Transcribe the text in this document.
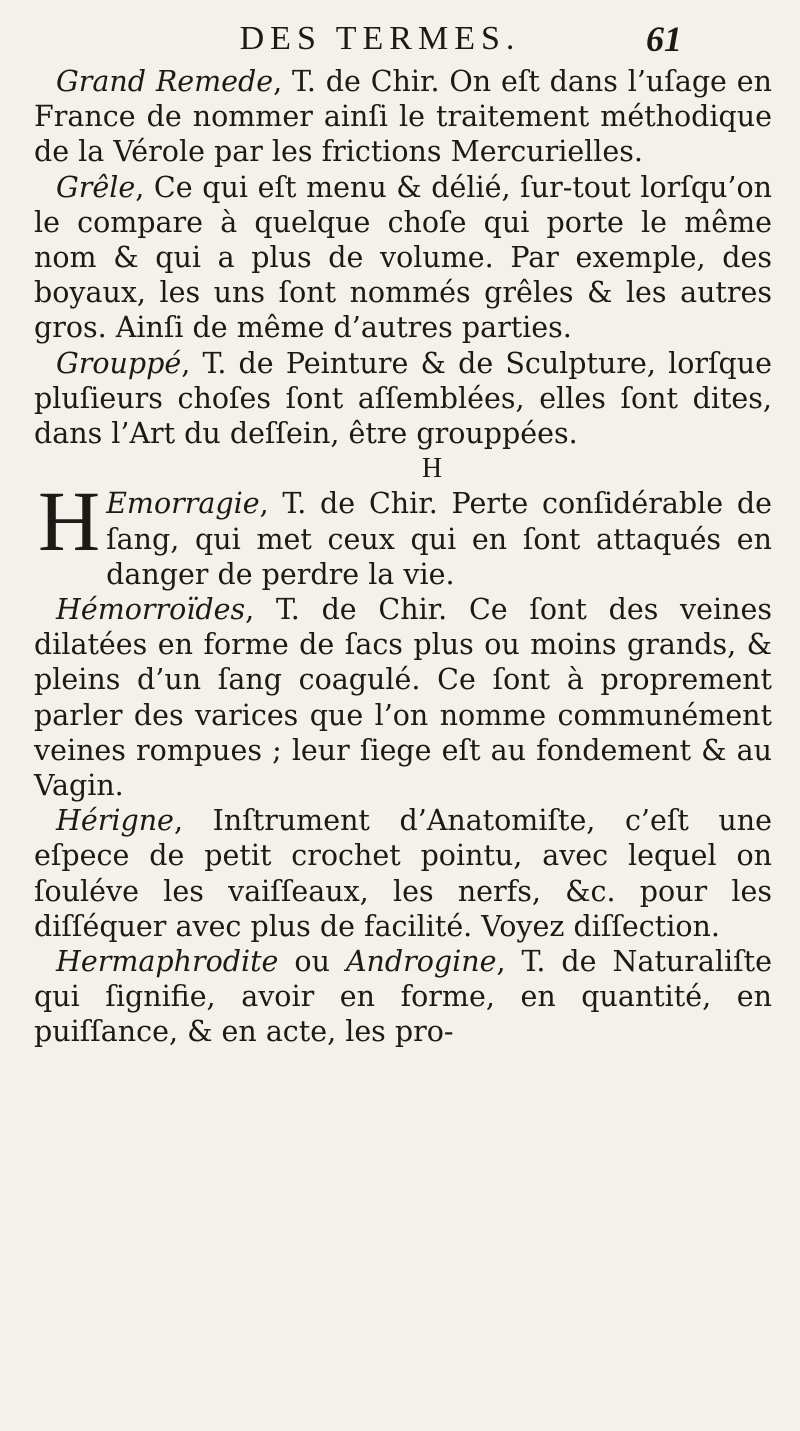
DES TERMES.	61

Grand Remede, T. de Chir. On eſt dans l’uſage en France de nommer ainſi le traitement méthodique de la Vérole par les frictions Mercurielles.

Grêle, Ce qui eſt menu & délié, ſur-tout lorſqu’on le compare à quelque choſe qui porte le même nom & qui a plus de volume. Par exemple, des boyaux, les uns ſont nommés grêles & les autres gros. Ainſi de même d’autres parties.

Grouppé, T. de Peinture & de Sculpture, lorſque pluſieurs choſes ſont aſſemblées, elles ſont dites, dans l’Art du deſſein, être grouppées.

H

H Emorragie, T. de Chir. Perte conſidérable de ſang, qui met ceux qui en ſont attaqués en danger de perdre la vie.

Hémorroïdes, T. de Chir. Ce ſont des veines dilatées en forme de ſacs plus ou moins grands, & pleins d’un ſang coagulé. Ce ſont à proprement parler des varices que l’on nomme communément veines rompues ; leur ſiege eſt au fondement & au Vagin.

Hérigne, Inſtrument d’Anatomiſte, c’eſt une eſpece de petit crochet pointu, avec lequel on ſouléve les vaiſſeaux, les nerfs, &c. pour les diſſéquer avec plus de facilité. Voyez diſſection.

Hermaphrodite ou Androgine, T. de Naturaliſte qui ſignifie, avoir en forme, en quantité, en puiſſance, & en acte, les pro-
